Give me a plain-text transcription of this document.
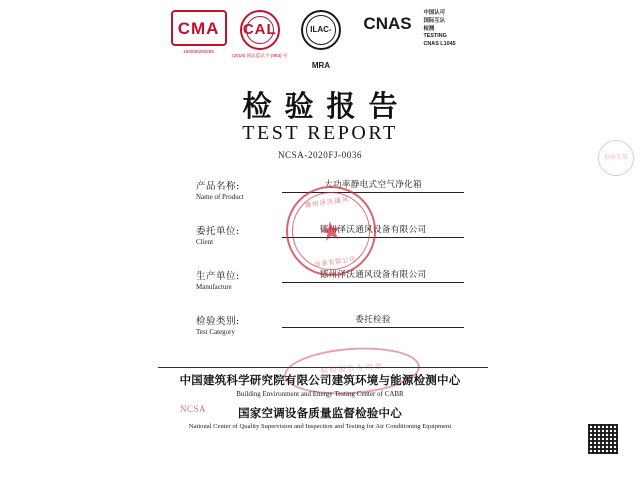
CMA
160008280285
CAL
(2018) 国认监认字 (983) 号
ILAC-MRA
CNAS
中国认可
国际互认
检测
TESTING
CNAS L1045
检验报告
TEST REPORT
NCSA-2020FJ-0036
产品名称:
Name of Product
大功率静电式空气净化箱
委托单位:
Client
德州泽沃通风设备有限公司
生产单位:
Manufacture
德州泽沃通风设备有限公司
检验类别:
Test Category
委托检验
德州泽沃通风
★
设备有限公司
检验报告专用章
检验专用
中国建筑科学研究院有限公司建筑环境与能源检测中心
Building Environment and Energy Testing Center of CABR
国家空调设备质量监督检验中心
National Center of Quality Supervision and Inspection and Testing for Air Conditioning Equipment
NCSA
